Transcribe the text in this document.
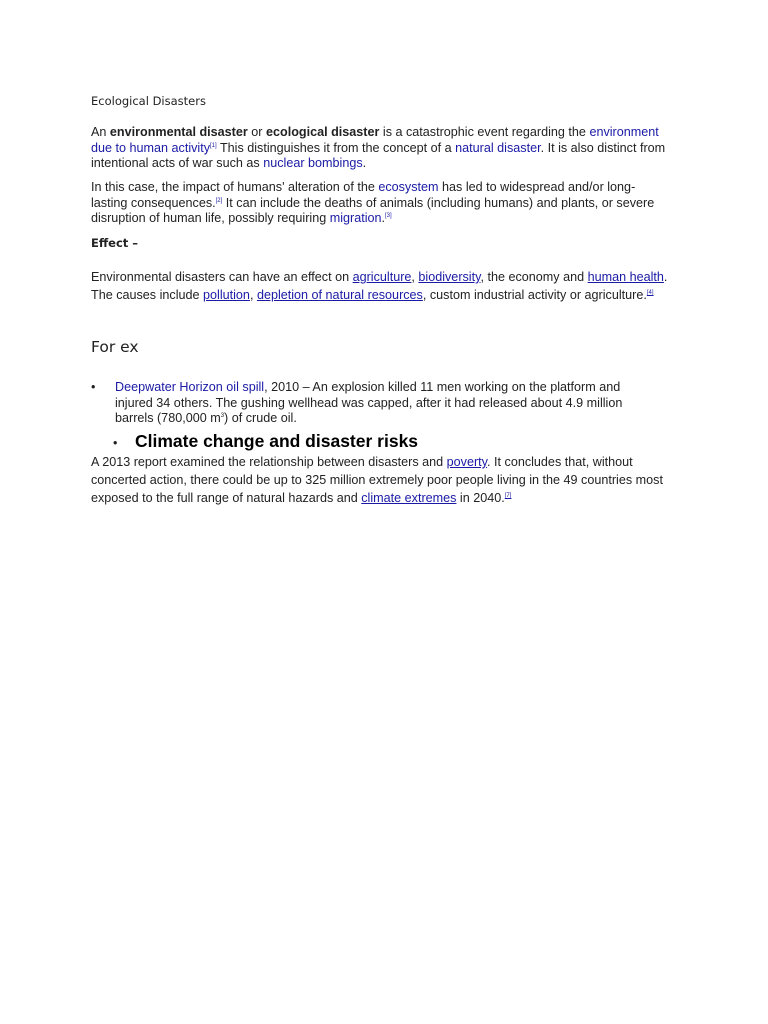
Ecological Disasters
An environmental disaster or ecological disaster is a catastrophic event regarding the environment due to human activity[1] This distinguishes it from the concept of a natural disaster. It is also distinct from intentional acts of war such as nuclear bombings.
In this case, the impact of humans' alteration of the ecosystem has led to widespread and/or long-lasting consequences.[2] It can include the deaths of animals (including humans) and plants, or severe disruption of human life, possibly requiring migration.[3]
Effect –
Environmental disasters can have an effect on agriculture, biodiversity, the economy and human health. The causes include pollution, depletion of natural resources, custom industrial activity or agriculture.[4]
For ex
• Deepwater Horizon oil spill, 2010 – An explosion killed 11 men working on the platform and injured 34 others. The gushing wellhead was capped, after it had released about 4.9 million barrels (780,000 $m^3$) of crude oil.
• Climate change and disaster risks
A 2013 report examined the relationship between disasters and poverty. It concludes that, without concerted action, there could be up to 325 million extremely poor people living in the 49 countries most exposed to the full range of natural hazards and climate extremes in 2040.[7]
